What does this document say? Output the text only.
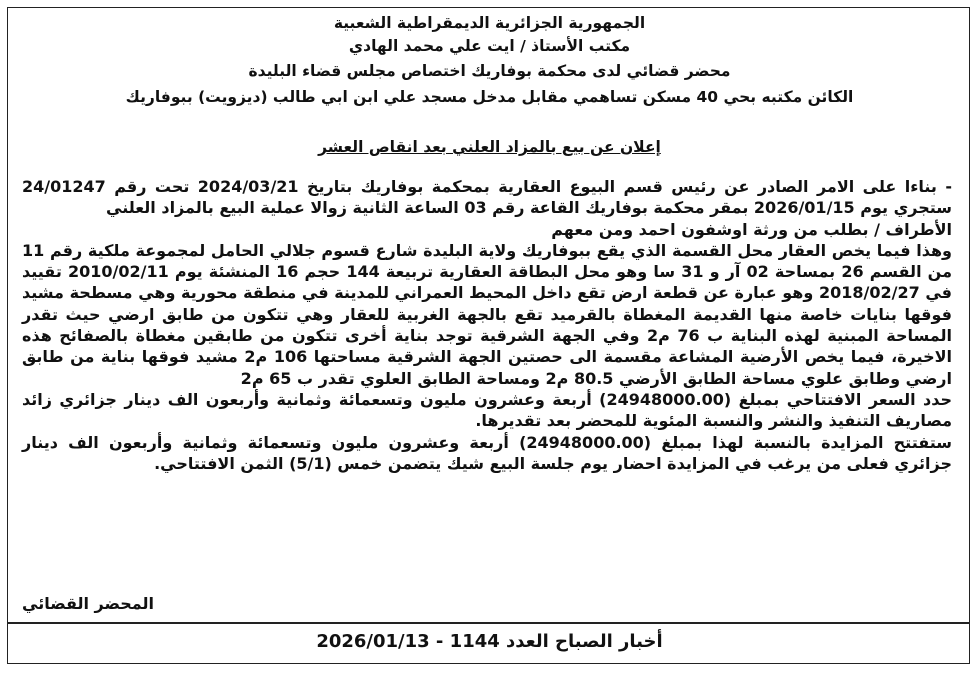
الجمهورية الجزائرية الديمقراطية الشعبية
مكتب الأستاذ / ايت علي محمد الهادي
محضر قضائي لدى محكمة بوفاريك اختصاص مجلس قضاء البليدة
الكائن مكتبه بحي 40 مسكن تساهمي مقابل مدخل مسجد علي ابن ابي طالب (ديزويت) ببوفاريك
إعلان عن بيع بالمزاد العلني بعد انقاص العشر

- بناءا على الامر الصادر عن رئيس قسم البيوع العقارية بمحكمة بوفاريك بتاريخ 2024/03/21 تحت رقم 24/01247 ستجري يوم 2026/01/15 بمقر محكمة بوفاريك القاعة رقم 03 الساعة الثانية زوالا عملية البيع بالمزاد العلني

الأطراف / بطلب من ورثة اوشفون احمد ومن معهم

وهذا فيما يخص العقار محل القسمة الذي يقع ببوفاريك ولاية البليدة شارع قسوم جلالي الحامل لمجموعة ملكية رقم 11 من القسم 26 بمساحة 02 آر و 31 سا وهو محل البطاقة العقارية تربيعة 144 حجم 16 المنشئة يوم 2010/02/11 تقييد في 2018/02/27 وهو عبارة عن قطعة ارض تقع داخل المحيط العمراني للمدينة في منطقة محورية وهي مسطحة مشيد فوقها بنايات خاصة منها القديمة المغطاة بالقرميد تقع بالجهة الغربية للعقار وهي تتكون من طابق ارضي حيث تقدر المساحة المبنية لهذه البناية ب 76 م2 وفي الجهة الشرقية توجد بناية أخرى تتكون من طابقين مغطاة بالصفائح هذه الاخيرة، فيما يخص الأرضية المشاعة مقسمة الى حصتين الجهة الشرقية مساحتها 106 م2 مشيد فوقها بناية من طابق ارضي وطابق علوي مساحة الطابق الأرضي 80.5 م2 ومساحة الطابق العلوي تقدر ب 65 م2

حدد السعر الافتتاحي بمبلغ (24948000.00) أربعة وعشرون مليون وتسعمائة وثمانية وأربعون الف دينار جزائري زائد مصاريف التنفيذ والنشر والنسبة المئوية للمحضر بعد تقديرها.

ستفتتح المزايدة بالنسبة لهذا بمبلغ (24948000.00) أربعة وعشرون مليون وتسعمائة وثمانية وأربعون الف دينار جزائري فعلى من يرغب في المزايدة احضار يوم جلسة البيع شيك يتضمن خمس (5/1) الثمن الافتتاحي.

المحضر القضائي
أخبار الصباح العدد 1144 - 2026/01/13
